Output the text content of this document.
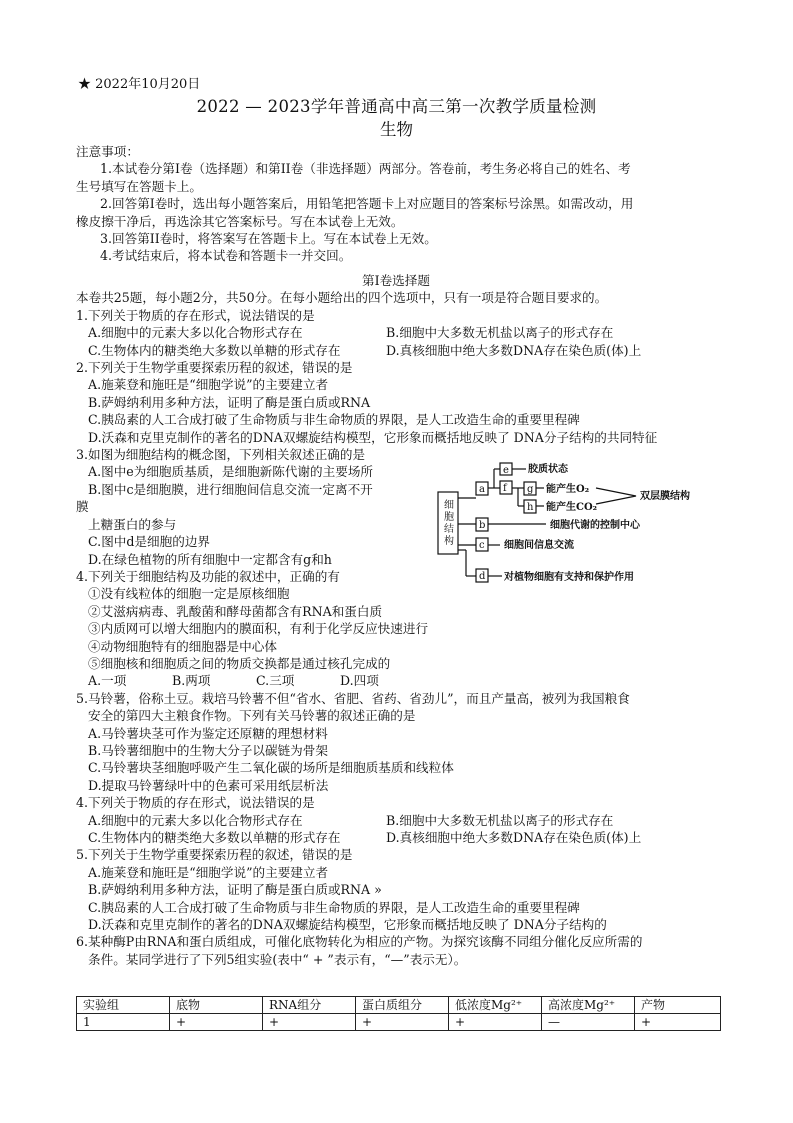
★ 2022年10月20日
2022 — 2023学年普通高中高三第一次教学质量检测
生物
注意事项：
1.本试卷分第Ⅰ卷（选择题）和第II卷（非选择题）两部分。答卷前，考生务必将自己的姓名、考
生号填写在答题卡上。
2.回答第Ⅰ卷时，选出每小题答案后，用铅笔把答题卡上对应题目的答案标号涂黑。如需改动，用
橡皮擦干净后，再选涂其它答案标号。写在本试卷上无效。
3.回答第II卷时，将答案写在答题卡上。写在本试卷上无效。
4.考试结束后，将本试卷和答题卡一并交回。
第Ⅰ卷选择题
本卷共25题，每小题2分，共50分。在每小题给出的四个选项中，只有一项是符合题目要求的。
1.下列关于物质的存在形式，说法错误的是
A.细胞中的元素大多以化合物形式存在	B.细胞中大多数无机盐以离子的形式存在
C.生物体内的糖类绝大多数以单糖的形式存在	D.真核细胞中绝大多数DNA存在染色质(体)上
2.下列关于生物学重要探索历程的叙述，错误的是
A.施莱登和施旺是“细胞学说”的主要建立者
B.萨姆纳利用多种方法，证明了酶是蛋白质或RNA
C.胰岛素的人工合成打破了生命物质与非生命物质的界限，是人工改造生命的重要里程碑
D.沃森和克里克制作的著名的DNA双螺旋结构模型，它形象而概括地反映了 DNA分子结构的共同特征
3.如图为细胞结构的概念图，下列相关叙述正确的是
A.图中e为细胞质基质，是细胞新陈代谢的主要场所
B.图中c是细胞膜，进行细胞间信息交流一定离不开
膜
上糖蛋白的参与
C.图中d是细胞的边界
D.在绿色植物的所有细胞中一定都含有g和h
4.下列关于细胞结构及功能的叙述中，正确的有
①没有线粒体的细胞一定是原核细胞
②艾滋病病毒、乳酸菌和酵母菌都含有RNA和蛋白质
③内质网可以增大细胞内的膜面积，有利于化学反应快速进行
④动物细胞特有的细胞器是中心体
⑤细胞核和细胞质之间的物质交换都是通过核孔完成的
A.一项	B.两项	C.三项	D.四项
5.马铃薯，俗称土豆。栽培马铃薯不但“省水、省肥、省药、省劲儿”，而且产量高，被列为我国粮食
安全的第四大主粮食作物。下列有关马铃薯的叙述正确的是
A.马铃薯块茎可作为鉴定还原糖的理想材料
B.马铃薯细胞中的生物大分子以碳链为骨架
C.马铃薯块茎细胞呼吸产生二氧化碳的场所是细胞质基质和线粒体
D.提取马铃薯绿叶中的色素可采用纸层析法
4.下列关于物质的存在形式，说法错误的是
A.细胞中的元素大多以化合物形式存在	B.细胞中大多数无机盐以离子的形式存在
C.生物体内的糖类绝大多数以单糖的形式存在	D.真核细胞中绝大多数DNA存在染色质(体)上
5.下列关于生物学重要探索历程的叙述，错误的是
A.施莱登和施旺是“细胞学说”的主要建立者
B.萨姆纳利用多种方法，证明了酶是蛋白质或RNA »
C.胰岛素的人工合成打破了生命物质与非生命物质的界限，是人工改造生命的重要里程碑
D.沃森和克里克制作的著名的DNA双螺旋结构模型，它形象而概括地反映了 DNA分子结构的
6.某种酶P由RNA和蛋白质组成，可催化底物转化为相应的产物。为探究该酶不同组分催化反应所需的
条件。某同学进行了下列5组实验(表中“ + ”表示有，“—”表示无）。
细
胞
结
构
a
e
f g
h
b
c
d
胶质状态
能产生O₂
能产生CO₂
双层膜结构
细胞代谢的控制中心
细胞间信息交流
对植物细胞有支持和保护作用
实验组	底物	RNA组分	蛋白质组分	低浓度Mg²⁺	高浓度Mg²⁺	产物
1	+	+	+	+	—	+
